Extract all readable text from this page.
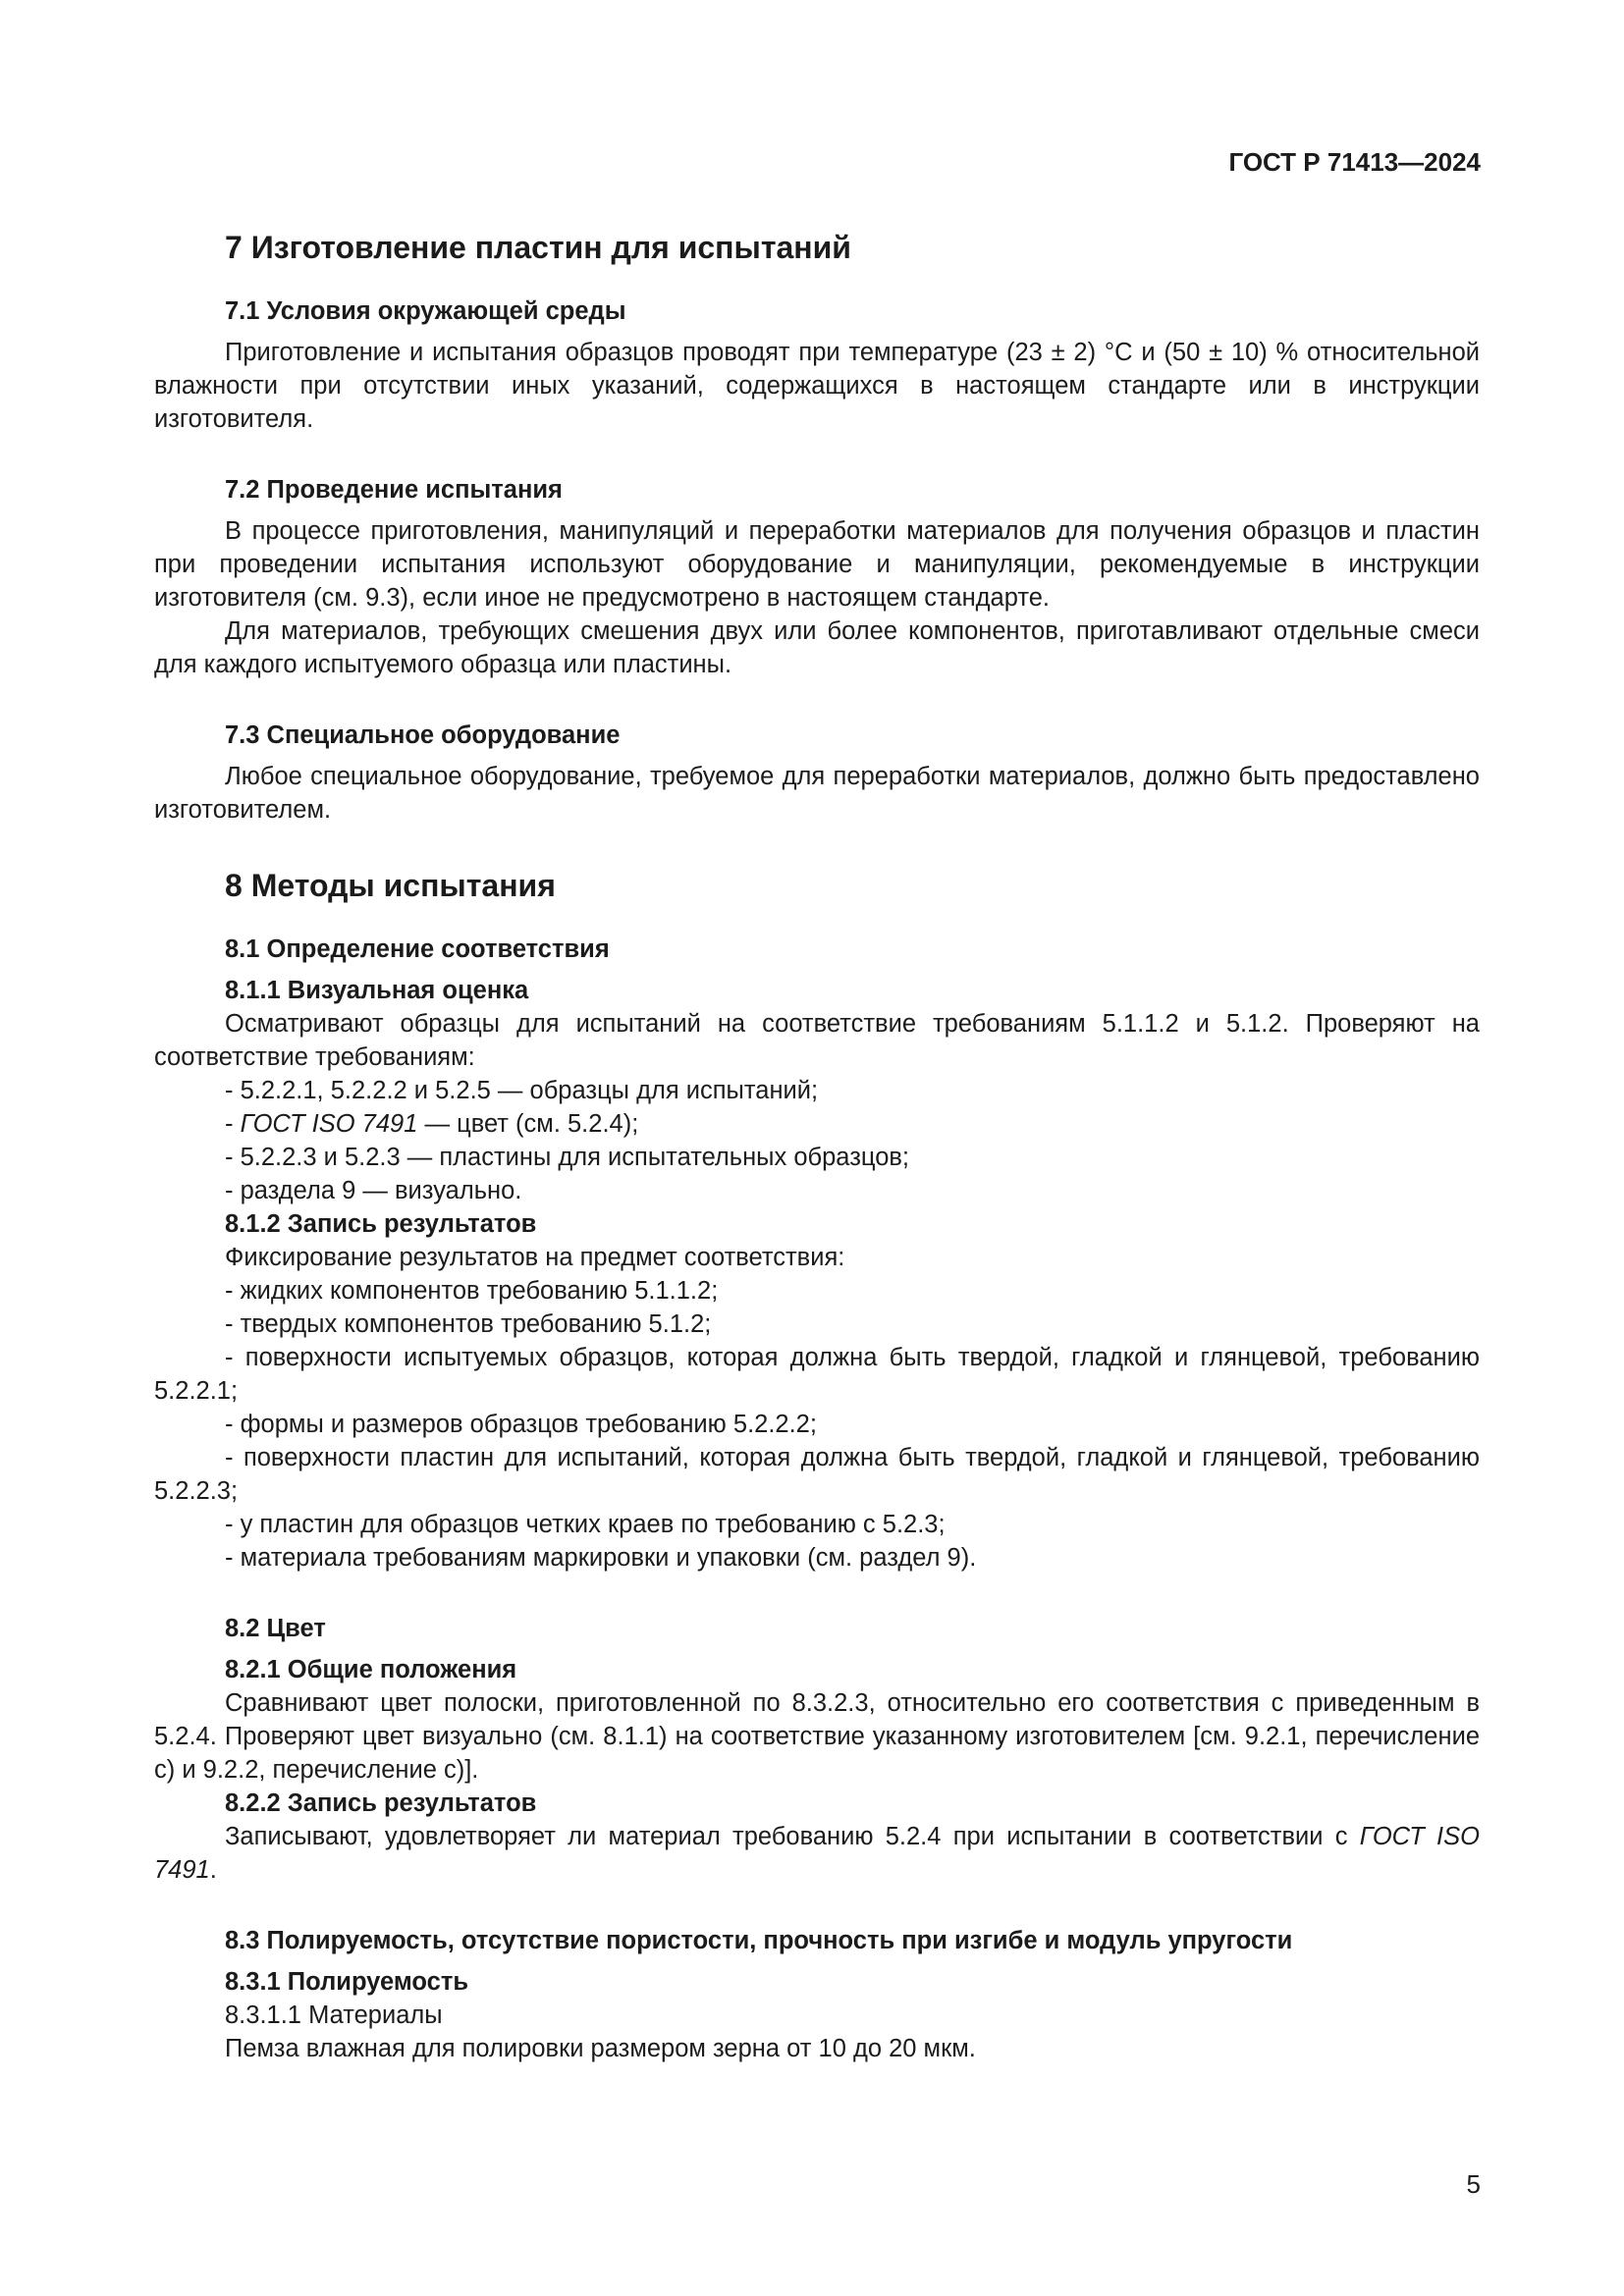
ГОСТ Р 71413—2024
7 Изготовление пластин для испытаний
7.1 Условия окружающей среды

Приготовление и испытания образцов проводят при температуре (23 ± 2) °С и (50 ± 10) % относительной влажности при отсутствии иных указаний, содержащихся в настоящем стандарте или в инструкции изготовителя.

7.2 Проведение испытания

В процессе приготовления, манипуляций и переработки материалов для получения образцов и пластин при проведении испытания используют оборудование и манипуляции, рекомендуемые в инструкции изготовителя (см. 9.3), если иное не предусмотрено в настоящем стандарте.

Для материалов, требующих смешения двух или более компонентов, приготавливают отдельные смеси для каждого испытуемого образца или пластины.

7.3 Специальное оборудование

Любое специальное оборудование, требуемое для переработки материалов, должно быть предоставлено изготовителем.

8 Методы испытания
8.1 Определение соответствия
8.1.1 Визуальная оценка

Осматривают образцы для испытаний на соответствие требованиям 5.1.1.2 и 5.1.2. Проверяют на соответствие требованиям:

- 5.2.2.1, 5.2.2.2 и 5.2.5 — образцы для испытаний;
- ГОСТ ISO 7491 — цвет (см. 5.2.4);
- 5.2.2.3 и 5.2.3 — пластины для испытательных образцов;
- раздела 9 — визуально.
8.1.2 Запись результатов
Фиксирование результатов на предмет соответствия:
- жидких компонентов требованию 5.1.1.2;
- твердых компонентов требованию 5.1.2;

- поверхности испытуемых образцов, которая должна быть твердой, гладкой и глянцевой, требованию 5.2.2.1;

- формы и размеров образцов требованию 5.2.2.2;

- поверхности пластин для испытаний, которая должна быть твердой, гладкой и глянцевой, требованию 5.2.2.3;

- у пластин для образцов четких краев по требованию с 5.2.3;
- материала требованиям маркировки и упаковки (см. раздел 9).
8.2 Цвет
8.2.1 Общие положения

Сравнивают цвет полоски, приготовленной по 8.3.2.3, относительно его соответствия с приведенным в 5.2.4. Проверяют цвет визуально (см. 8.1.1) на соответствие указанному изготовителем [см. 9.2.1, перечисление с) и 9.2.2, перечисление с)].

8.2.2 Запись результатов

Записывают, удовлетворяет ли материал требованию 5.2.4 при испытании в соответствии с ГОСТ ISO 7491.

8.3 Полируемость, отсутствие пористости, прочность при изгибе и модуль упругости
8.3.1 Полируемость
8.3.1.1 Материалы
Пемза влажная для полировки размером зерна от 10 до 20 мкм.
5
